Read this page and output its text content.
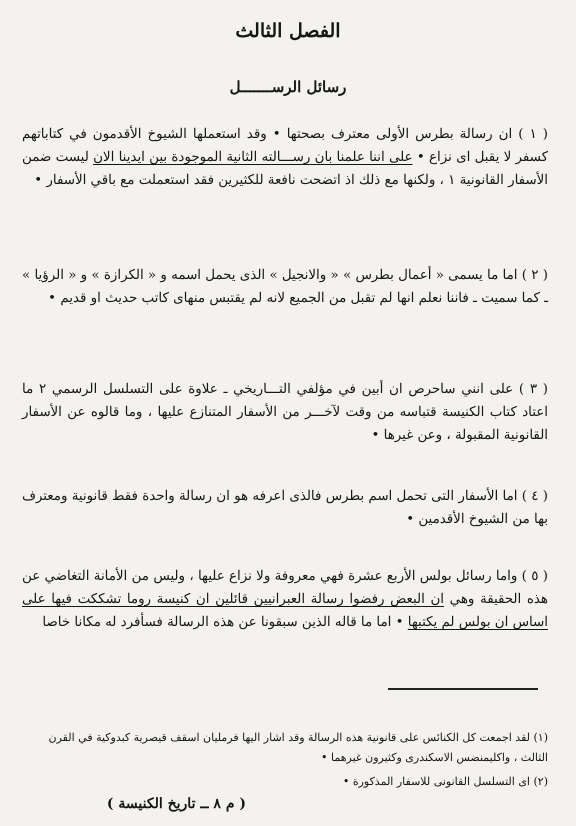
الفصل الثالث
رسائل الرســـــــل

( ١ ) ان رسالة بطرس الأولى معترف بصحتها • وقد استعملها الشيوخ الأقدمون في كتاباتهم كسفر لا يقبل اى نزاع • على اننا علمنا بان رســـالته الثانية الموجودة بين ايدينا الان ليست ضمن الأسفار القانونية ١ ، ولكنها مع ذلك اذ اتضحت نافعة للكثيرين فقد استعملت مع باقي الأسفار •

( ٢ ) اما ما يسمى « أعمال بطرس » « والانجيل » الذى يحمل اسمه و « الكرازة » و « الرؤيا » ـ كما سميت ـ فاننا نعلم انها لم تقبل من الجميع لانه لم يقتبس منهاى كاتب حديث او قديم •

( ٣ ) على انني ساحرص ان أبين في مؤلفي التـــاريخي ـ علاوة على التسلسل الرسمي ٢ ما اعتاد كتاب الكنيسة قتباسه من وقت لآخـــر من الأسفار المتنازع عليها ، وما قالوه عن الأسفار القانونية المقبولة ، وعن غيرها •

( ٤ ) اما الأسفار التى تحمل اسم بطرس فالذى اعرفه هو ان رسالة واحدة فقط قانونية ومعترف بها من الشيوخ الأقدمين •

( ٥ ) واما رسائل بولس الأربع عشرة فهي معروفة ولا نزاع عليها ، وليس من الأمانة التغاضي عن هذه الحقيقة وهي ان البعض رفضوا رسالة العبرانيين قائلين ان كنيسة روما تشككت فيها على اساس ان بولس لم يكتبها • اما ما قاله الذين سبقونا عن هذه الرسالة فسأفرد له مكانا خاصا

(١) لقد اجمعت كل الكنائس على قانونية هذه الرسالة وقد اشار اليها فرمليان اسقف قيصرية كبدوكية في القرن الثالث ، واكليمنضس الاسكندرى وكثيرون غيرهما •

(٢) اى التسلسل القانونى للاسفار المذكورة •

( م ٨ ــ تاريخ الكنيسة )
